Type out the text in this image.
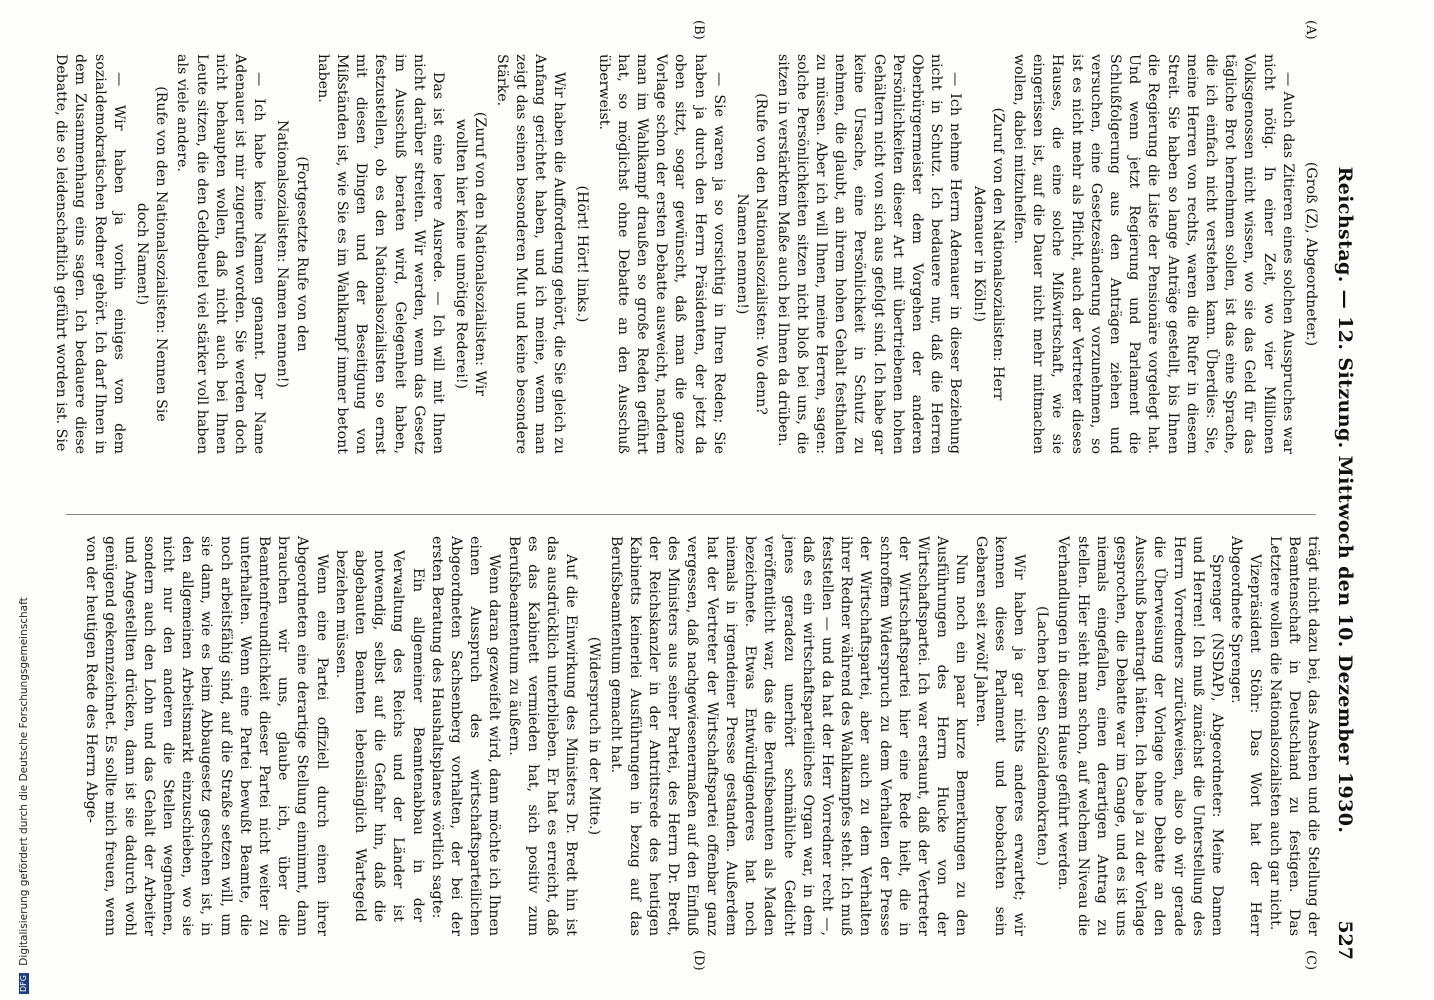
Reichstag. — 12. Sitzung. Mittwoch den 10. Dezember 1930.
527
(A)
(B)
(C)
(D)

(Groß (Z), Abgeordneter.)

— Auch das Zitieren eines solchen Ausspruches war nicht nötig. In einer Zeit, wo vier Millionen Volksgenossen nicht wissen, wo sie das Geld für das tägliche Brot hernehmen sollen, ist das eine Sprache, die ich einfach nicht verstehen kann. Überdies: Sie, meine Herren von rechts, waren die Rufer in diesem Streit. Sie haben so lange Anträge gestellt, bis Ihnen die Regierung die Liste der Pensionäre vorgelegt hat. Und wenn jetzt Regierung und Parlament die Schlußfolgerung aus den Anträgen ziehen und versuchen, eine Gesetzesänderung vorzunehmen, so ist es nicht mehr als Pflicht, auch der Vertreter dieses Hauses, die eine solche Mißwirtschaft, wie sie eingerissen ist, auf die Dauer nicht mehr mitmachen wollen, dabei mitzuhelfen.

(Zuruf von den Nationalsozialisten: Herr Adenauer in Köln!)

— Ich nehme Herrn Adenauer in dieser Beziehung nicht in Schutz. Ich bedauere nur, daß die Herren Oberbürgermeister dem Vorgehen der anderen Persönlichkeiten dieser Art mit übertriebenen hohen Gehältern nicht von sich aus gefolgt sind. Ich habe gar keine Ursache, eine Persönlichkeit in Schutz zu nehmen, die glaubt, an ihrem hohen Gehalt festhalten zu müssen. Aber ich will Ihnen, meine Herren, sagen: solche Persönlichkeiten sitzen nicht bloß bei uns, die sitzen in verstärktem Maße auch bei Ihnen da drüben.

(Rufe von den Nationalsozialisten: Wo denn? Namen nennen!)

— Sie waren ja so vorsichtig in Ihren Reden; Sie haben ja durch den Herrn Präsidenten, der jetzt da oben sitzt, sogar gewünscht, daß man die ganze Vorlage schon der ersten Debatte ausweicht, nachdem man im Wahlkampf draußen so große Reden geführt hat, so möglichst ohne Debatte an den Ausschuß überweist.

(Hört! Hört! links.)

Wir haben die Aufforderung gehört, die Sie gleich zu Anfang gerichtet haben, und ich meine, wenn man zeigt das seinen besonderen Mut und keine besondere Stärke.

(Zuruf von den Nationalsozialisten: Wir wollten hier keine unnötige Rederei!)

Das ist eine leere Ausrede. — Ich will mit Ihnen nicht darüber streiten. Wir werden, wenn das Gesetz im Ausschuß beraten wird, Gelegenheit haben, festzustellen, ob es den Nationalsozialisten so ernst mit diesen Dingen und der Beseitigung von Mißständen ist, wie Sie es im Wahlkampf immer betont haben.

(Fortgesetzte Rufe von den Nationalsozialisten: Namen nennen!)

— Ich habe keine Namen genannt. Der Name Adenauer ist mir zugerufen worden. Sie werden doch nicht behaupten wollen, daß nicht auch bei Ihnen Leute sitzen, die den Geldbeutel viel stärker voll haben als viele andere.

(Rufe von den Nationalsozialisten: Nennen Sie doch Namen!)

— Wir haben ja vorhin einiges von dem sozialdemokratischen Redner gehört. Ich darf Ihnen in dem Zusammenhang eins sagen. Ich bedauere diese Debatte, die so leidenschaftlich geführt worden ist. Sie

trägt nicht dazu bei, das Ansehen und die Stellung der Beamtenschaft in Deutschland zu festigen. Das Letztere wollen die Nationalsozialisten auch gar nicht.

Vizepräsident Stöhr: Das Wort hat der Herr Abgeordnete Sprenger.

Sprenger (NSDAP), Abgeordneter: Meine Damen und Herren! Ich muß zunächst die Unterstellung des Herrn Vorredners zurückweisen, also ob wir gerade die Überweisung der Vorlage ohne Debatte an den Ausschuß beantragt hätten. Ich habe ja zu der Vorlage gesprochen, die Debatte war im Gange, und es ist uns niemals eingefallen, einen derartigen Antrag zu stellen. Hier sieht man schon, auf welchem Niveau die Verhandlungen in diesem Hause geführt werden.

(Lachen bei den Sozialdemokraten.)

Wir haben ja gar nichts anderes erwartet; wir kennen dieses Parlament und beobachten sein Gebaren seit zwölf Jahren.

Nun noch ein paar kurze Bemerkungen zu den Ausführungen des Herrn Hucke von der Wirtschaftspartei. Ich war erstaunt, daß der Vertreter der Wirtschaftspartei hier eine Rede hielt, die in schroffem Widerspruch zu dem Verhalten der Presse der Wirtschaftspartei, aber auch zu dem Verhalten ihrer Redner während des Wahlkampfes steht. Ich muß feststellen — und da hat der Herr Vorredner recht —, daß es ein wirtschaftsparteiliches Organ war, in dem jenes geradezu unerhört schmähliche Gedicht veröffentlicht war, das die Berufsbeamten als Maden bezeichnete. Etwas Entwürdigenderes hat noch niemals in irgendeiner Presse gestanden. Außerdem hat der Vertreter der Wirtschaftspartei offenbar ganz vergessen, daß nachgewiesenermaßen auf den Einfluß des Ministers aus seiner Partei, des Herrn Dr. Bredt, der Reichskanzler in der Antrittsrede des heutigen Kabinetts keinerlei Ausführungen in bezug auf das Berufsbeamtentum gemacht hat.

(Widerspruch in der Mitte.)

Auf die Einwirkung des Ministers Dr. Bredt hin ist das ausdrücklich unterblieben. Er hat es erreicht, daß es das Kabinett vermieden hat, sich positiv zum Berufsbeamtentum zu äußern.

Wenn daran gezweifelt wird, dann möchte ich Ihnen einen Ausspruch des wirtschaftsparteilichen Abgeordneten Sachsenberg vorhalten, der bei der ersten Beratung des Haushaltsplanes wörtlich sagte:

Ein allgemeiner Beamtenabbau in der Verwaltung des Reichs und der Länder ist notwendig, selbst auf die Gefahr hin, daß die abgebauten Beamten lebenslänglich Wartegeld beziehen müssen.

Wenn eine Partei offiziell durch einen ihrer Abgeordneten eine derartige Stellung einnimmt, dann brauchen wir uns, glaube ich, über die Beamtenfreundlichkeit dieser Partei nicht weiter zu unterhalten. Wenn eine Partei bewußt Beamte, die noch arbeitsfähig sind, auf die Straße setzen will, um sie dann, wie es beim Abbaugesetz geschehen ist, in den allgemeinen Arbeitsmarkt einzuschieben, wo sie nicht nur den anderen die Stellen wegnehmen, sondern auch den Lohn und das Gehalt der Arbeiter und Angestellten drücken, dann ist sie dadurch wohl genügend gekennzeichnet. Es sollte mich freuen, wenn von der heutigen Rede des Herrn Abge-

DFG Digitalisierung gefördert durch die Deutsche Forschungsgemeinschaft
